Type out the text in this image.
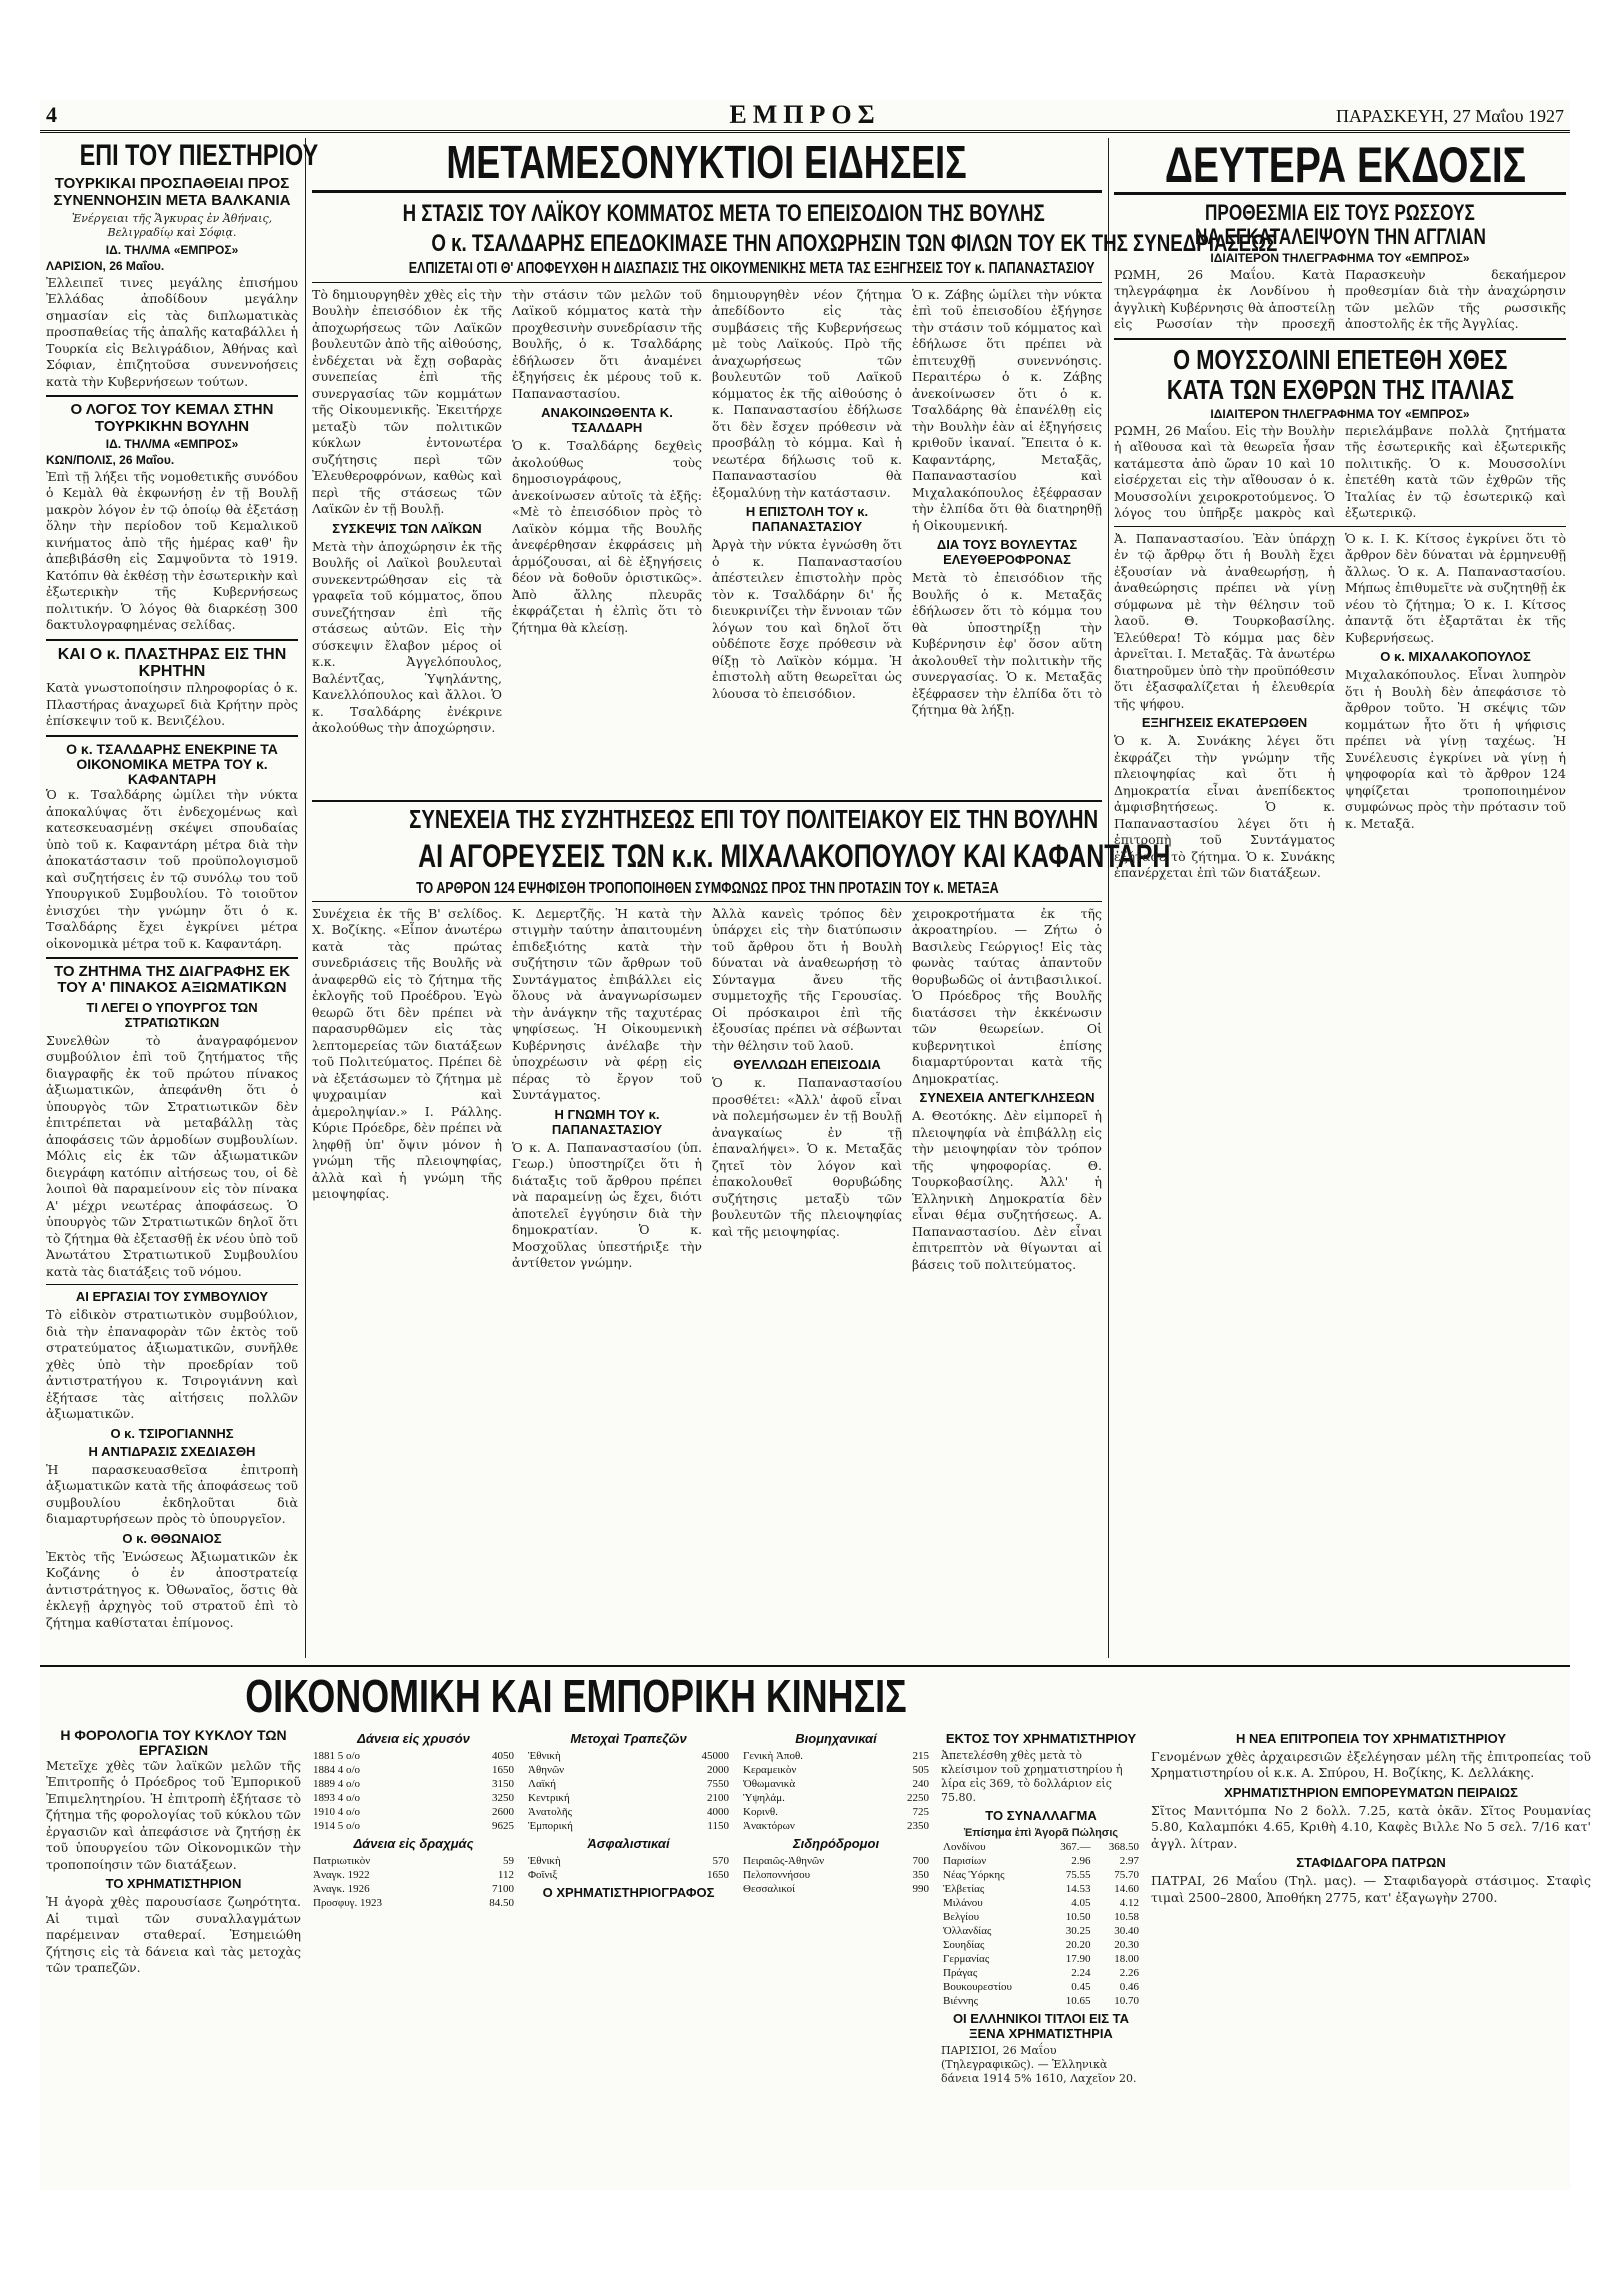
4	ΕΜΠΡΟΣ	ΠΑΡΑΣΚΕΥΗ, 27 Μαΐου 1927
ΕΠΙ ΤΟΥ ΠΙΕΣΤΗΡΙΟΥ
ΤΟΥΡΚΙΚΑΙ ΠΡΟΣΠΑΘΕΙΑΙ ΠΡΟΣ ΣΥΝΕΝΝΟΗΣΙΝ ΜΕΤΑ ΒΑΛΚΑΝΙΑ
Ἐνέργειαι τῆς Ἄγκυρας ἐν Ἀθήναις, Βελιγραδίῳ καὶ Σόφιᾳ.
ΙΔ. ΤΗΛ/ΜΑ «ΕΜΠΡΟΣ»
ΛΑΡΙΣΙΟΝ, 26 Μαΐου.
Ἐλλειπεῖ τινες μεγάλης ἐπισήμου Ἐλλάδας ἀποδίδουν μεγάλην σημασίαν εἰς τὰς διπλωματικὰς προσπαθείας τῆς ἀπαλῆς καταβάλλει ἡ Τουρκία εἰς Βελιγράδιον, Ἀθήνας καὶ Σόφιαν, ἐπιζητοῦσα συνεννοήσεις κατὰ τὴν Κυβερνήσεων τούτων.
Ο ΛΟΓΟΣ ΤΟΥ ΚΕΜΑΛ ΣΤΗΝ ΤΟΥΡΚΙΚΗΝ ΒΟΥΛΗΝ
ΙΔ. ΤΗΛ/ΜΑ «ΕΜΠΡΟΣ»
ΚΩΝ/ΠΟΛΙΣ, 26 Μαΐου.
Ἐπὶ τῇ λήξει τῆς νομοθετικῆς συνόδου ὁ Κεμὰλ θὰ ἐκφωνήσῃ ἐν τῇ Βουλῇ μακρὸν λόγον ἐν τῷ ὁποίῳ θὰ ἐξετάσῃ ὅλην τὴν περίοδον τοῦ Κεμαλικοῦ κινήματος ἀπὸ τῆς ἡμέρας καθ' ἣν ἀπεβιβάσθη εἰς Σαμψοῦντα τὸ 1919. Κατόπιν θὰ ἐκθέσῃ τὴν ἐσωτερικὴν καὶ ἐξωτερικὴν τῆς Κυβερνήσεως πολιτικήν. Ὁ λόγος θὰ διαρκέσῃ 300 δακτυλογραφημένας σελίδας.
ΚΑΙ Ο κ. ΠΛΑΣΤΗΡΑΣ ΕΙΣ ΤΗΝ ΚΡΗΤΗΝ
Κατὰ γνωστοποίησιν πληροφορίας ὁ κ. Πλαστήρας ἀναχωρεῖ διὰ Κρήτην πρὸς ἐπίσκεψιν τοῦ κ. Βενιζέλου.
Ο κ. ΤΣΑΛΔΑΡΗΣ ΕΝΕΚΡΙΝΕ ΤΑ ΟΙΚΟΝΟΜΙΚΑ ΜΕΤΡΑ ΤΟΥ κ. ΚΑΦΑΝΤΑΡΗ
Ὁ κ. Τσαλδάρης ὡμίλει τὴν νύκτα ἀποκαλύψας ὅτι ἐνδεχομένως καὶ κατεσκευασμένῃ σκέψει σπουδαίας ὑπὸ τοῦ κ. Καφαντάρη μέτρα διὰ τὴν ἀποκατάστασιν τοῦ προϋπολογισμοῦ καὶ συζητήσεις ἐν τῷ συνόλῳ του τοῦ Υπουργικοῦ Συμβουλίου. Τὸ τοιοῦτον ἐνισχύει τὴν γνώμην ὅτι ὁ κ. Τσαλδάρης ἔχει ἐγκρίνει μέτρα οἰκονομικὰ μέτρα τοῦ κ. Καφαντάρη.
ΤΟ ΖΗΤΗΜΑ ΤΗΣ ΔΙΑΓΡΑΦΗΣ ΕΚ ΤΟΥ Α' ΠΙΝΑΚΟΣ ΑΞΙΩΜΑΤΙΚΩΝ
ΤΙ ΛΕΓΕΙ Ο ΥΠΟΥΡΓΟΣ ΤΩΝ ΣΤΡΑΤΙΩΤΙΚΩΝ
Συνελθὼν τὸ ἀναγραφόμενον συμβούλιον ἐπὶ τοῦ ζητήματος τῆς διαγραφῆς ἐκ τοῦ πρώτου πίνακος ἀξιωματικῶν, ἀπεφάνθη ὅτι ὁ ὑπουργὸς τῶν Στρατιωτικῶν δὲν ἐπιτρέπεται νὰ μεταβάλλῃ τὰς ἀποφάσεις τῶν ἀρμοδίων συμβουλίων. Μόλις εἰς ἐκ τῶν ἀξιωματικῶν διεγράφη κατόπιν αἰτήσεως του, οἱ δὲ λοιποὶ θὰ παραμείνουν εἰς τὸν πίνακα Α' μέχρι νεωτέρας ἀποφάσεως. Ὁ ὑπουργὸς τῶν Στρατιωτικῶν δηλοῖ ὅτι τὸ ζήτημα θὰ ἐξετασθῇ ἐκ νέου ὑπὸ τοῦ Ἀνωτάτου Στρατιωτικοῦ Συμβουλίου κατὰ τὰς διατάξεις τοῦ νόμου.
ΑΙ ΕΡΓΑΣΙΑΙ ΤΟΥ ΣΥΜΒΟΥΛΙΟΥ
Τὸ εἰδικὸν στρατιωτικὸν συμβούλιον, διὰ τὴν ἐπαναφορὰν τῶν ἐκτὸς τοῦ στρατεύματος ἀξιωματικῶν, συνῆλθε χθὲς ὑπὸ τὴν προεδρίαν τοῦ ἀντιστρατήγου κ. Τσιρογιάννη καὶ ἐξήτασε τὰς αἰτήσεις πολλῶν ἀξιωματικῶν.
Ο κ. ΤΣΙΡΟΓΙΑΝΝΗΣ
Η ΑΝΤΙΔΡΑΣΙΣ ΣΧΕΔΙΑΣΘΗ
Ἡ παρασκευασθεῖσα ἐπιτροπὴ ἀξιωματικῶν κατὰ τῆς ἀποφάσεως τοῦ συμβουλίου ἐκδηλοῦται διὰ διαμαρτυρήσεων πρὸς τὸ ὑπουργεῖον.
Ο κ. ΘΘΩΝΑΙΟΣ
Ἐκτὸς τῆς Ἐνώσεως Ἀξιωματικῶν ἐκ Κοζάνης ὁ ἐν ἀποστρατείᾳ ἀντιστράτηγος κ. Ὀθωναῖος, ὅστις θὰ ἐκλεγῇ ἀρχηγὸς τοῦ στρατοῦ ἐπὶ τὸ ζήτημα καθίσταται ἐπίμονος.
ΜΕΤΑΜΕΣΟΝΥΚΤΙΟΙ ΕΙΔΗΣΕΙΣ
Η ΣΤΑΣΙΣ ΤΟΥ ΛΑΪΚΟΥ ΚΟΜΜΑΤΟΣ ΜΕΤΑ ΤΟ ΕΠΕΙΣΟΔΙΟΝ ΤΗΣ ΒΟΥΛΗΣ
Ο κ. ΤΣΑΛΔΑΡΗΣ ΕΠΕΔΟΚΙΜΑΣΕ ΤΗΝ ΑΠΟΧΩΡΗΣΙΝ ΤΩΝ ΦΙΛΩΝ ΤΟΥ ΕΚ ΤΗΣ ΣΥΝΕΔΡΙΑΣΕΩΣ
ΕΛΠΙΖΕΤΑΙ ΟΤΙ Θ' ΑΠΟΦΕΥΧΘΗ Η ΔΙΑΣΠΑΣΙΣ ΤΗΣ ΟΙΚΟΥΜΕΝΙΚΗΣ ΜΕΤΑ ΤΑΣ ΕΞΗΓΗΣΕΙΣ ΤΟΥ κ. ΠΑΠΑΝΑΣΤΑΣΙΟΥ
Τὸ δημιουργηθὲν χθὲς εἰς τὴν Βουλὴν ἐπεισόδιον ἐκ τῆς ἀποχωρήσεως τῶν Λαϊκῶν βουλευτῶν ἀπὸ τῆς αἰθούσης, ἐνδέχεται νὰ ἔχῃ σοβαρὰς συνεπείας ἐπὶ τῆς συνεργασίας τῶν κομμάτων τῆς Οἰκουμενικῆς. Ἐκειτήρχε μεταξὺ τῶν πολιτικῶν κύκλων ἐντονωτέρα συζήτησις περὶ τῶν Ἐλευθεροφρόνων, καθὼς καὶ περὶ τῆς στάσεως τῶν Λαϊκῶν ἐν τῇ Βουλῇ.
ΣΥΣΚΕΨΙΣ ΤΩΝ ΛΑΪΚΩΝ
Μετὰ τὴν ἀποχώρησιν ἐκ τῆς Βουλῆς οἱ Λαϊκοὶ βουλευταὶ συνεκεντρώθησαν εἰς τὰ γραφεῖα τοῦ κόμματος, ὅπου συνεζήτησαν ἐπὶ τῆς στάσεως αὐτῶν. Εἰς τὴν σύσκεψιν ἔλαβον μέρος οἱ κ.κ. Ἀγγελόπουλος, Βαλέντζας, Ὑψηλάντης, Κανελλόπουλος καὶ ἄλλοι. Ὁ κ. Τσαλδάρης ἐνέκρινε ἀκολούθως τὴν ἀποχώρησιν.
τὴν στάσιν τῶν μελῶν τοῦ Λαϊκοῦ κόμματος κατὰ τὴν προχθεσινὴν συνεδρίασιν τῆς Βουλῆς, ὁ κ. Τσαλδάρης ἐδήλωσεν ὅτι ἀναμένει ἐξηγήσεις ἐκ μέρους τοῦ κ. Παπαναστασίου.
ΑΝΑΚΟΙΝΩΘΕΝΤΑ Κ. ΤΣΑΛΔΑΡΗ
Ὁ κ. Τσαλδάρης δεχθεὶς ἀκολούθως τοὺς δημοσιογράφους, ἀνεκοίνωσεν αὐτοῖς τὰ ἑξῆς: «Μὲ τὸ ἐπεισόδιον πρὸς τὸ Λαϊκὸν κόμμα τῆς Βουλῆς ἀνεφέρθησαν ἐκφράσεις μὴ ἁρμόζουσαι, αἱ δὲ ἐξηγήσεις δέον νὰ δοθοῦν ὁριστικῶς». Ἀπὸ ἄλλης πλευρᾶς ἐκφράζεται ἡ ἐλπὶς ὅτι τὸ ζήτημα θὰ κλείσῃ.
δημιουργηθὲν νέον ζήτημα ἀπεδίδοντο εἰς τὰς συμβάσεις τῆς Κυβερνήσεως μὲ τοὺς Λαϊκούς. Πρὸ τῆς ἀναχωρήσεως τῶν βουλευτῶν τοῦ Λαϊκοῦ κόμματος ἐκ τῆς αἰθούσης ὁ κ. Παπαναστασίου ἐδήλωσε ὅτι δὲν ἔσχεν πρόθεσιν νὰ προσβάλῃ τὸ κόμμα. Καὶ ἡ νεωτέρα δήλωσις τοῦ κ. Παπαναστασίου θὰ ἐξομαλύνῃ τὴν κατάστασιν.
Η ΕΠΙΣΤΟΛΗ ΤΟΥ κ. ΠΑΠΑΝΑΣΤΑΣΙΟΥ
Ἀργὰ τὴν νύκτα ἐγνώσθη ὅτι ὁ κ. Παπαναστασίου ἀπέστειλεν ἐπιστολὴν πρὸς τὸν κ. Τσαλδάρην δι' ἧς διευκρινίζει τὴν ἔννοιαν τῶν λόγων του καὶ δηλοῖ ὅτι οὐδέποτε ἔσχε πρόθεσιν νὰ θίξῃ τὸ Λαϊκὸν κόμμα. Ἡ ἐπιστολὴ αὕτη θεωρεῖται ὡς λύουσα τὸ ἐπεισόδιον.
Ὁ κ. Ζάβης ὡμίλει τὴν νύκτα ἐπὶ τοῦ ἐπεισοδίου ἐξήγησε τὴν στάσιν τοῦ κόμματος καὶ ἐδήλωσε ὅτι πρέπει νὰ ἐπιτευχθῇ συνεννόησις. Περαιτέρω ὁ κ. Ζάβης ἀνεκοίνωσεν ὅτι ὁ κ. Τσαλδάρης θὰ ἐπανέλθῃ εἰς τὴν Βουλὴν ἐὰν αἱ ἐξηγήσεις κριθοῦν ἱκαναί. Ἔπειτα ὁ κ. Καφαντάρης, Μεταξᾶς, Παπαναστασίου καὶ Μιχαλακόπουλος ἐξέφρασαν τὴν ἐλπίδα ὅτι θὰ διατηρηθῇ ἡ Οἰκουμενική.
ΔΙΑ ΤΟΥΣ ΒΟΥΛΕΥΤΑΣ ΕΛΕΥΘΕΡΟΦΡΟΝΑΣ
Μετὰ τὸ ἐπεισόδιον τῆς Βουλῆς ὁ κ. Μεταξᾶς ἐδήλωσεν ὅτι τὸ κόμμα του θὰ ὑποστηρίξῃ τὴν Κυβέρνησιν ἐφ' ὅσον αὕτη ἀκολουθεῖ τὴν πολιτικὴν τῆς συνεργασίας. Ὁ κ. Μεταξᾶς ἐξέφρασεν τὴν ἐλπίδα ὅτι τὸ ζήτημα θὰ λήξῃ.
ΣΥΝΕΧΕΙΑ ΤΗΣ ΣΥΖΗΤΗΣΕΩΣ ΕΠΙ ΤΟΥ ΠΟΛΙΤΕΙΑΚΟΥ ΕΙΣ ΤΗΝ ΒΟΥΛΗΝ
ΑΙ ΑΓΟΡΕΥΣΕΙΣ ΤΩΝ κ.κ. ΜΙΧΑΛΑΚΟΠΟΥΛΟΥ ΚΑΙ ΚΑΦΑΝΤΑΡΗ
ΤΟ ΑΡΘΡΟΝ 124 ΕΨΗΦΙΣΘΗ ΤΡΟΠΟΠΟΙΗΘΕΝ ΣΥΜΦΩΝΩΣ ΠΡΟΣ ΤΗΝ ΠΡΟΤΑΣΙΝ ΤΟΥ κ. ΜΕΤΑΞΑ
Συνέχεια ἐκ τῆς Β' σελίδος. Χ. Βοζίκης. «Εἶπον ἀνωτέρω κατὰ τὰς πρώτας συνεδριάσεις τῆς Βουλῆς νὰ ἀναφερθῶ εἰς τὸ ζήτημα τῆς ἐκλογῆς τοῦ Προέδρου. Ἐγὼ θεωρῶ ὅτι δὲν πρέπει νὰ παρασυρθῶμεν εἰς τὰς λεπτομερείας τῶν διατάξεων τοῦ Πολιτεύματος. Πρέπει δὲ νὰ ἐξετάσωμεν τὸ ζήτημα μὲ ψυχραιμίαν καὶ ἀμεροληψίαν.» Ι. Ράλλης. Κύριε Πρόεδρε, δὲν πρέπει νὰ ληφθῇ ὑπ' ὄψιν μόνον ἡ γνώμη τῆς πλειοψηφίας, ἀλλὰ καὶ ἡ γνώμη τῆς μειοψηφίας.
Κ. Δεμερτζῆς. Ἡ κατὰ τὴν στιγμὴν ταύτην ἀπαιτουμένη ἐπιδεξιότης κατὰ τὴν συζήτησιν τῶν ἄρθρων τοῦ Συντάγματος ἐπιβάλλει εἰς ὅλους νὰ ἀναγνωρίσωμεν τὴν ἀνάγκην τῆς ταχυτέρας ψηφίσεως. Ἡ Οἰκουμενικὴ Κυβέρνησις ἀνέλαβε τὴν ὑποχρέωσιν νὰ φέρῃ εἰς πέρας τὸ ἔργον τοῦ Συντάγματος.
Η ΓΝΩΜΗ ΤΟΥ κ. ΠΑΠΑΝΑΣΤΑΣΙΟΥ
Ὁ κ. Α. Παπαναστασίου (ὑπ. Γεωρ.) ὑποστηρίζει ὅτι ἡ διάταξις τοῦ ἄρθρου πρέπει νὰ παραμείνῃ ὡς ἔχει, διότι ἀποτελεῖ ἐγγύησιν διὰ τὴν δημοκρατίαν. Ὁ κ. Μοσχοῦλας ὑπεστήριξε τὴν ἀντίθετον γνώμην.
Ἀλλὰ κανεὶς τρόπος δὲν ὑπάρχει εἰς τὴν διατύπωσιν τοῦ ἄρθρου ὅτι ἡ Βουλὴ δύναται νὰ ἀναθεωρήσῃ τὸ Σύνταγμα ἄνευ τῆς συμμετοχῆς τῆς Γερουσίας. Οἱ πρόσκαιροι ἐπὶ τῆς ἐξουσίας πρέπει νὰ σέβωνται τὴν θέλησιν τοῦ λαοῦ.
ΘΥΕΛΛΩΔΗ ΕΠΕΙΣΟΔΙΑ
Ὁ κ. Παπαναστασίου προσθέτει: «Ἀλλ' ἀφοῦ εἶναι νὰ πολεμήσωμεν ἐν τῇ Βουλῇ ἀναγκαίως ἐν τῇ ἐπαναλήψει». Ὁ κ. Μεταξᾶς ζητεῖ τὸν λόγον καὶ ἐπακολουθεῖ θορυβώδης συζήτησις μεταξὺ τῶν βουλευτῶν τῆς πλειοψηφίας καὶ τῆς μειοψηφίας.
χειροκροτήματα ἐκ τῆς ἀκροατηρίου. — Ζήτω ὁ Βασιλεὺς Γεώργιος! Εἰς τὰς φωνὰς ταύτας ἀπαντοῦν θορυβωδῶς οἱ ἀντιβασιλικοί. Ὁ Πρόεδρος τῆς Βουλῆς διατάσσει τὴν ἐκκένωσιν τῶν θεωρείων. Οἱ κυβερνητικοὶ ἐπίσης διαμαρτύρονται κατὰ τῆς Δημοκρατίας.
ΣΥΝΕΧΕΙΑ ΑΝΤΕΓΚΛΗΣΕΩΝ
Α. Θεοτόκης. Δὲν εἰμπορεῖ ἡ πλειοψηφία νὰ ἐπιβάλλῃ εἰς τὴν μειοψηφίαν τὸν τρόπον τῆς ψηφοφορίας. Θ. Τουρκοβασίλης. Ἀλλ' ἡ Ἑλληνικὴ Δημοκρατία δὲν εἶναι θέμα συζητήσεως. Α. Παπαναστασίου. Δὲν εἶναι ἐπιτρεπτὸν νὰ θίγωνται αἱ βάσεις τοῦ πολιτεύματος.
ΔΕΥΤΕΡΑ ΕΚΔΟΣΙΣ
ΠΡΟΘΕΣΜΙΑ ΕΙΣ ΤΟΥΣ ΡΩΣΣΟΥΣ
ΝΑ ΕΓΚΑΤΑΛΕΙΨΟΥΝ ΤΗΝ ΑΓΓΛΙΑΝ
ΙΔΙΑΙΤΕΡΟΝ ΤΗΛΕΓΡΑΦΗΜΑ ΤΟΥ «ΕΜΠΡΟΣ»
ΡΩΜΗ, 26 Μαΐου. Κατὰ τηλεγράφημα ἐκ Λονδίνου ἡ ἀγγλικὴ Κυβέρνησις θὰ ἀποστείλῃ εἰς Ρωσσίαν τὴν προσεχῆ Παρασκευὴν δεκαήμερον προθεσμίαν διὰ τὴν ἀναχώρησιν τῶν μελῶν τῆς ρωσσικῆς ἀποστολῆς ἐκ τῆς Ἀγγλίας.
Ο ΜΟΥΣΣΟΛΙΝΙ ΕΠΕΤΕΘΗ ΧΘΕΣ
ΚΑΤΑ ΤΩΝ ΕΧΘΡΩΝ ΤΗΣ ΙΤΑΛΙΑΣ
ΙΔΙΑΙΤΕΡΟΝ ΤΗΛΕΓΡΑΦΗΜΑ ΤΟΥ «ΕΜΠΡΟΣ»
ΡΩΜΗ, 26 Μαΐου. Εἰς τὴν Βουλὴν ἡ αἴθουσα καὶ τὰ θεωρεῖα ἦσαν κατάμεστα ἀπὸ ὥραν 10 καὶ 10 εἰσέρχεται εἰς τὴν αἴθουσαν ὁ κ. Μουσσολίνι χειροκροτούμενος. Ὁ λόγος του ὑπῆρξε μακρὸς καὶ περιελάμβανε πολλὰ ζητήματα τῆς ἐσωτερικῆς καὶ ἐξωτερικῆς πολιτικῆς. Ὁ κ. Μουσσολίνι ἐπετέθη κατὰ τῶν ἐχθρῶν τῆς Ἰταλίας ἐν τῷ ἐσωτερικῷ καὶ ἐξωτερικῷ.
Ἀ. Παπαναστασίου. Ἐὰν ὑπάρχῃ ἐν τῷ ἄρθρῳ ὅτι ἡ Βουλὴ ἔχει ἐξουσίαν νὰ ἀναθεωρήσῃ, ἡ ἀναθεώρησις πρέπει νὰ γίνῃ σύμφωνα μὲ τὴν θέλησιν τοῦ λαοῦ. Θ. Τουρκοβασίλης. Ἑλεύθερα! Τὸ κόμμα μας δὲν ἀρνεῖται. Ι. Μεταξᾶς. Τὰ ἀνωτέρω διατηροῦμεν ὑπὸ τὴν προϋπόθεσιν ὅτι ἐξασφαλίζεται ἡ ἐλευθερία τῆς ψήφου.
ΕΞΗΓΗΣΕΙΣ ΕΚΑΤΕΡΩΘΕΝ
Ὁ κ. Ἀ. Συνάκης λέγει ὅτι ἐκφράζει τὴν γνώμην τῆς πλειοψηφίας καὶ ὅτι ἡ Δημοκρατία εἶναι ἀνεπίδεκτος ἀμφισβητήσεως. Ὁ κ. Παπαναστασίου λέγει ὅτι ἡ ἐπιτροπὴ τοῦ Συντάγματος ἐξήτασε τὸ ζήτημα. Ὁ κ. Συνάκης ἐπανέρχεται ἐπὶ τῶν διατάξεων.
Ὁ κ. Ι. Κ. Κίτσος ἐγκρίνει ὅτι τὸ ἄρθρον δὲν δύναται νὰ ἑρμηνευθῇ ἄλλως. Ὁ κ. Α. Παπαναστασίου. Μήπως ἐπιθυμεῖτε νὰ συζητηθῇ ἐκ νέου τὸ ζήτημα; Ὁ κ. Ι. Κίτσος ἀπαντᾷ ὅτι ἐξαρτᾶται ἐκ τῆς Κυβερνήσεως.
Ο κ. ΜΙΧΑΛΑΚΟΠΟΥΛΟΣ
Μιχαλακόπουλος. Εἶναι λυπηρὸν ὅτι ἡ Βουλὴ δὲν ἀπεφάσισε τὸ ἄρθρον τοῦτο. Ἡ σκέψις τῶν κομμάτων ἦτο ὅτι ἡ ψήφισις πρέπει νὰ γίνῃ ταχέως. Ἡ Συνέλευσις ἐγκρίνει νὰ γίνῃ ἡ ψηφοφορία καὶ τὸ ἄρθρον 124 ψηφίζεται τροποποιημένον συμφώνως πρὸς τὴν πρότασιν τοῦ κ. Μεταξᾶ.
ΟΙΚΟΝΟΜΙΚΗ ΚΑΙ ΕΜΠΟΡΙΚΗ ΚΙΝΗΣΙΣ
Η ΦΟΡΟΛΟΓΙΑ ΤΟΥ ΚΥΚΛΟΥ ΤΩΝ ΕΡΓΑΣΙΩΝ
Μετεῖχε χθὲς τῶν λαϊκῶν μελῶν τῆς Ἐπιτροπῆς ὁ Πρόεδρος τοῦ Ἐμπορικοῦ Ἐπιμελητηρίου. Ἡ ἐπιτροπὴ ἐξήτασε τὸ ζήτημα τῆς φορολογίας τοῦ κύκλου τῶν ἐργασιῶν καὶ ἀπεφάσισε νὰ ζητήσῃ ἐκ τοῦ ὑπουργείου τῶν Οἰκονομικῶν τὴν τροποποίησιν τῶν διατάξεων.
ΤΟ ΧΡΗΜΑΤΙΣΤΗΡΙΟΝ
Ἡ ἀγορὰ χθὲς παρουσίασε ζωηρότητα. Αἱ τιμαὶ τῶν συναλλαγμάτων παρέμειναν σταθεραί. Ἐσημειώθη ζήτησις εἰς τὰ δάνεια καὶ τὰς μετοχὰς τῶν τραπεζῶν.
Δάνεια εἰς χρυσόν
1881 5 ο/ο	4050
1884 4 ο/ο	1650
1889 4 ο/ο	3150
1893 4 ο/ο	3250
1910 4 ο/ο	2600
1914 5 ο/ο	9625
Δάνεια εἰς δραχμάς
Πατριωτικὸν	59
Ἀναγκ. 1922	112
Ἀναγκ. 1926	7100
Προσφυγ. 1923	84.50
Μετοχαὶ Τραπεζῶν
Ἐθνικὴ	45000
Ἀθηνῶν	2000
Λαϊκή	7550
Κεντρική	2100
Ἀνατολῆς	4000
Ἐμπορική	1150
Ἀσφαλιστικαί
Ἐθνικὴ	570
Φοῖνιξ	1650
Ο ΧΡΗΜΑΤΙΣΤΗΡΙΟΓΡΑΦΟΣ
Βιομηχανικαί
Γενικὴ Ἀποθ.	215
Κεραμεικὸν	505
Ὀθωμανικὰ	240
Ὑψηλάμ.	2250
Κορινθ.	725
Ἀνακτόρων	2350
Σιδηρόδρομοι
Πειραιῶς-Ἀθηνῶν	700
Πελοποννήσου	350
Θεσσαλικοί	990
ΕΚΤΟΣ ΤΟΥ ΧΡΗΜΑΤΙΣΤΗΡΙΟΥ
Ἀπετελέσθη χθὲς μετὰ τὸ κλείσιμον τοῦ χρηματιστηρίου ἡ λίρα εἰς 369, τὸ δολλάριον εἰς 75.80.
ΤΟ ΣΥΝΑΛΛΑΓΜΑ
Ἐπίσημα ἐπὶ Ἀγορᾶ Πώλησις
Λονδίνου	367.—	368.50
Παρισίων	2.96	2.97
Νέας Ὑόρκης	75.55	75.70
Ἐλβετίας	14.53	14.60
Μιλάνου	4.05	4.12
Βελγίου	10.50	10.58
Ὀλλανδίας	30.25	30.40
Σουηδίας	20.20	20.30
Γερμανίας	17.90	18.00
Πράγας	2.24	2.26
Βουκουρεστίου	0.45	0.46
Βιέννης	10.65	10.70
ΟΙ ΕΛΛΗΝΙΚΟΙ ΤΙΤΛΟΙ ΕΙΣ ΤΑ ΞΕΝΑ ΧΡΗΜΑΤΙΣΤΗΡΙΑ
ΠΑΡΙΣΙΟΙ, 26 Μαΐου (Τηλεγραφικῶς). — Ἑλληνικὰ δάνεια 1914 5% 1610, Λαχεῖον 20.
Η ΝΕΑ ΕΠΙΤΡΟΠΕΙΑ ΤΟΥ ΧΡΗΜΑΤΙΣΤΗΡΙΟΥ
Γενομένων χθὲς ἀρχαιρεσιῶν ἐξελέγησαν μέλη τῆς ἐπιτροπείας τοῦ Χρηματιστηρίου οἱ κ.κ. Α. Σπύρου, Η. Βοζίκης, Κ. Δελλάκης.
ΧΡΗΜΑΤΙΣΤΗΡΙΟΝ ΕΜΠΟΡΕΥΜΑΤΩΝ ΠΕΙΡΑΙΩΣ
Σῖτος Μανιτόμπα Νο 2 δολλ. 7.25, κατὰ ὀκᾶν. Σῖτος Ρουμανίας 5.80, Καλαμπόκι 4.65, Κριθὴ 4.10, Καφὲς Βιλλε Νο 5 σελ. 7/16 κατ' ἀγγλ. λίτραν.
ΣΤΑΦΙΔΑΓΟΡΑ ΠΑΤΡΩΝ
ΠΑΤΡΑΙ, 26 Μαΐου (Τηλ. μας). — Σταφιδαγορὰ στάσιμος. Σταφὶς τιμαὶ 2500–2800, Ἀποθήκη 2775, κατ' ἐξαγωγὴν 2700.
